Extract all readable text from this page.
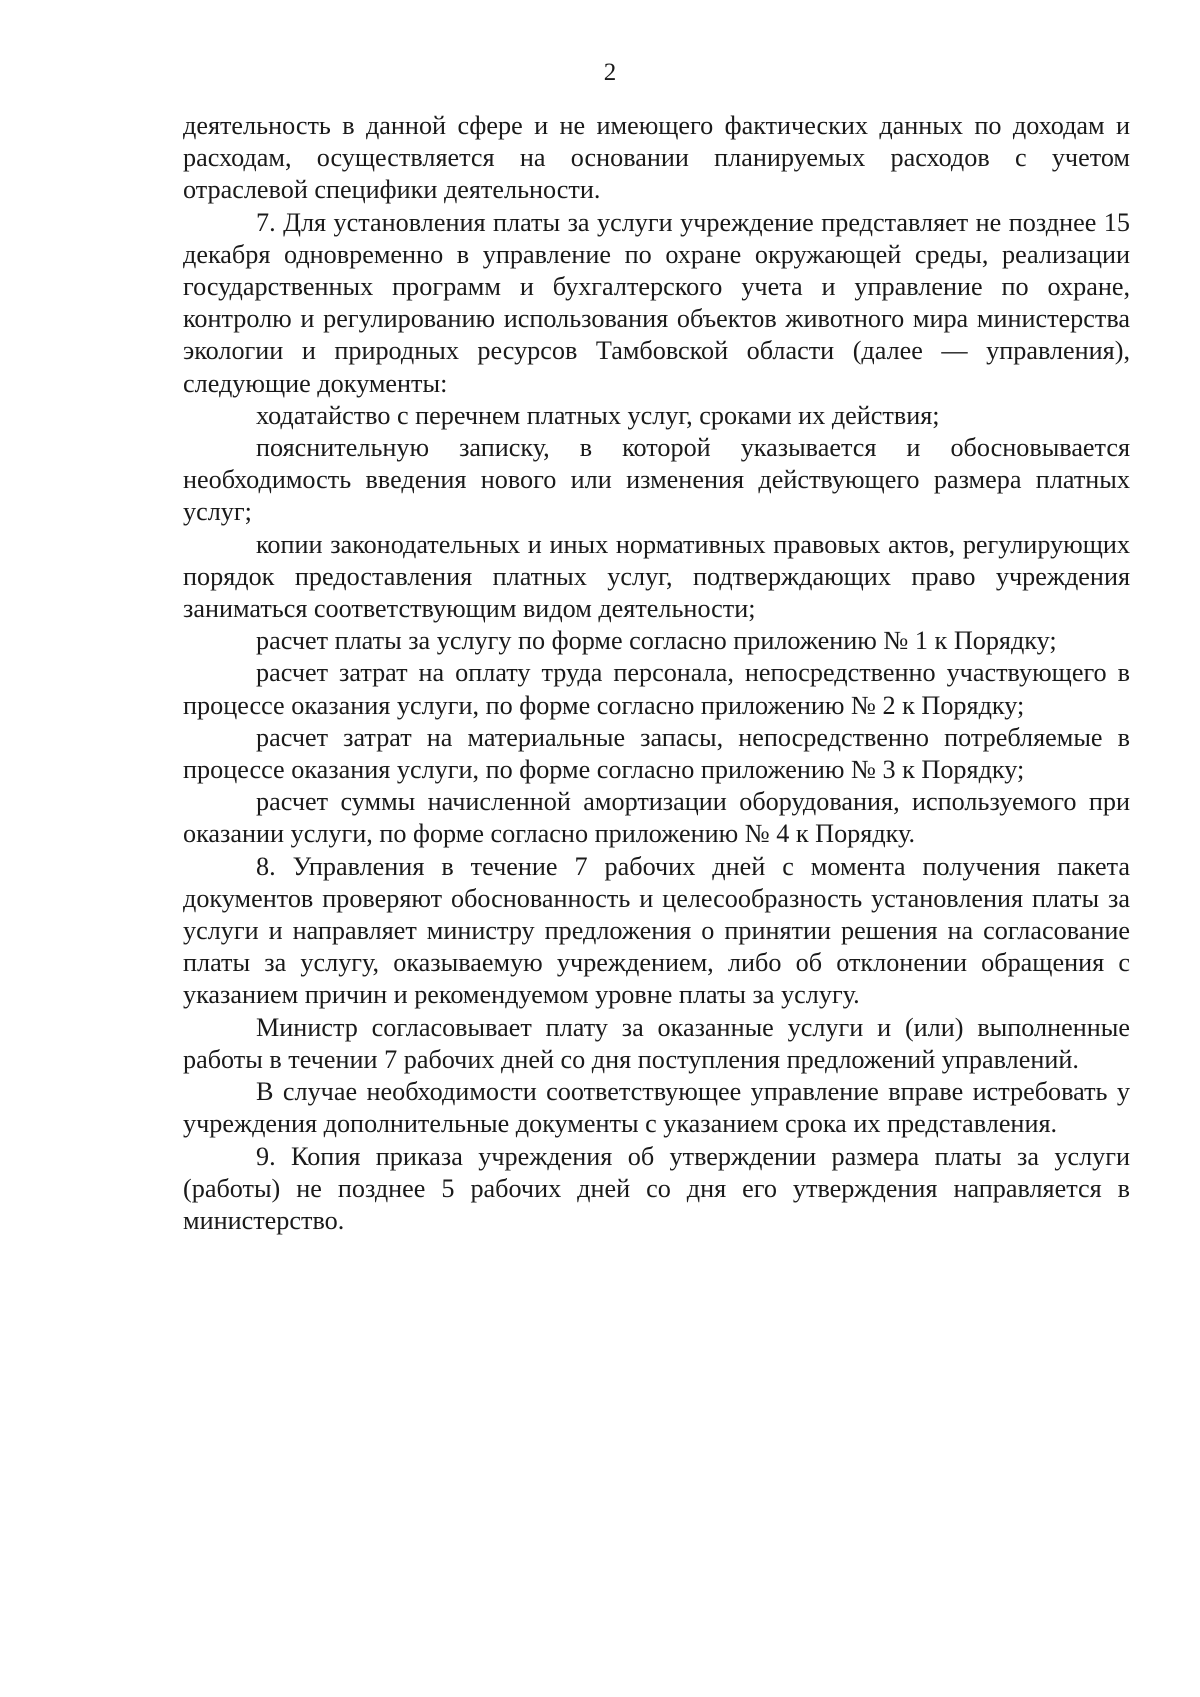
2

деятельность в данной сфере и не имеющего фактических данных по доходам и расходам, осуществляется на основании планируемых расходов с учетом отраслевой специфики деятельности.

7. Для установления платы за услуги учреждение представляет не позднее 15 декабря одновременно в управление по охране окружающей среды, реализации государственных программ и бухгалтерского учета и управление по охране, контролю и регулированию использования объектов животного мира министерства экологии и природных ресурсов Тамбовской области (далее — управления), следующие документы:

ходатайство с перечнем платных услуг, сроками их действия;

пояснительную записку, в которой указывается и обосновывается необходимость введения нового или изменения действующего размера платных услуг;

копии законодательных и иных нормативных правовых актов, регулирующих порядок предоставления платных услуг, подтверждающих право учреждения заниматься соответствующим видом деятельности;

расчет платы за услугу по форме согласно приложению № 1 к Порядку;

расчет затрат на оплату труда персонала, непосредственно участвующего в процессе оказания услуги, по форме согласно приложению № 2 к Порядку;

расчет затрат на материальные запасы, непосредственно потребляемые в процессе оказания услуги, по форме согласно приложению № 3 к Порядку;

расчет суммы начисленной амортизации оборудования, используемого при оказании услуги, по форме согласно приложению № 4 к Порядку.

8. Управления в течение 7 рабочих дней с момента получения пакета документов проверяют обоснованность и целесообразность установления платы за услуги и направляет министру предложения о принятии решения на согласование платы за услугу, оказываемую учреждением, либо об отклонении обращения с указанием причин и рекомендуемом уровне платы за услугу.

Министр согласовывает плату за оказанные услуги и (или) выполненные работы в течении 7 рабочих дней со дня поступления предложений управлений.

В случае необходимости соответствующее управление вправе истребовать у учреждения дополнительные документы с указанием срока их представления.

9. Копия приказа учреждения об утверждении размера платы за услуги (работы) не позднее 5 рабочих дней со дня его утверждения направляется в министерство.
